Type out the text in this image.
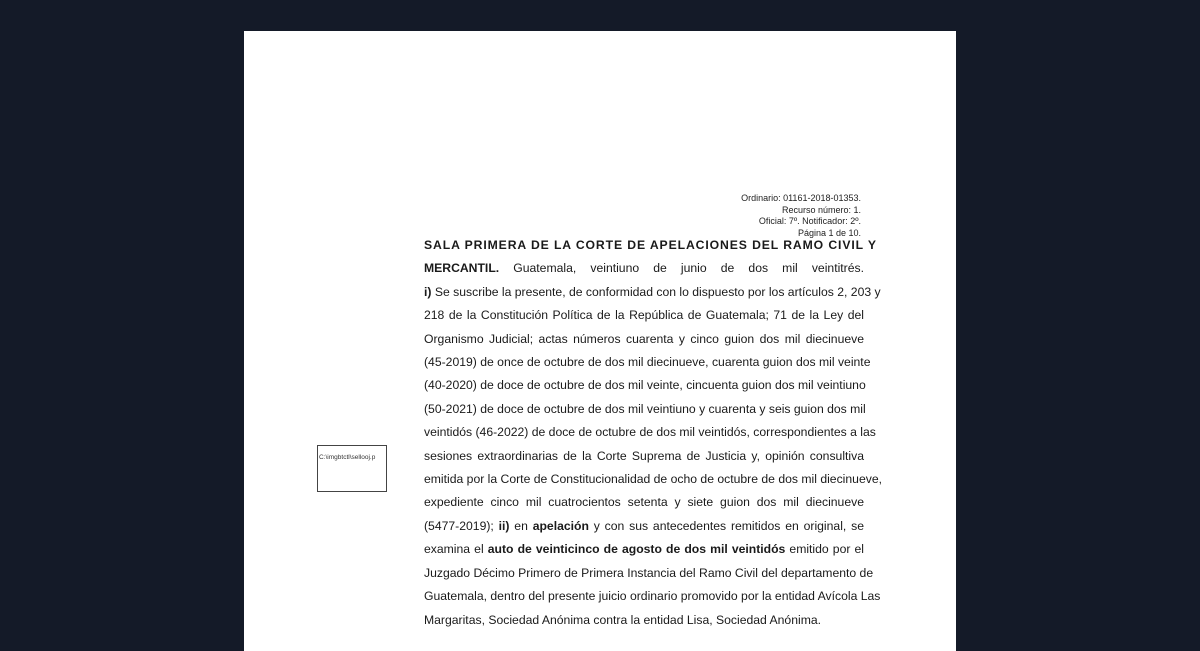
Ordinario: 01161-2018-01353.
Recurso número: 1.
Oficial: 7º. Notificador: 2º.
Página 1 de 10.
C:\imgbtctl\sellooj.p
SALA PRIMERA DE LA CORTE DE APELACIONES DEL RAMO CIVIL Y
MERCANTIL. Guatemala, veintiuno de junio de dos mil veintitrés.
i) Se suscribe la presente, de conformidad con lo dispuesto por los artículos 2, 203 y
218 de la Constitución Política de la República de Guatemala; 71 de la Ley del
Organismo Judicial; actas números cuarenta y cinco guion dos mil diecinueve
(45-2019) de once de octubre de dos mil diecinueve, cuarenta guion dos mil veinte
(40-2020) de doce de octubre de dos mil veinte, cincuenta guion dos mil veintiuno
(50-2021) de doce de octubre de dos mil veintiuno y cuarenta y seis guion dos mil
veintidós (46-2022) de doce de octubre de dos mil veintidós, correspondientes a las
sesiones extraordinarias de la Corte Suprema de Justicia y, opinión consultiva
emitida por la Corte de Constitucionalidad de ocho de octubre de dos mil diecinueve,
expediente cinco mil cuatrocientos setenta y siete guion dos mil diecinueve
(5477-2019); ii) en apelación y con sus antecedentes remitidos en original, se
examina el auto de veinticinco de agosto de dos mil veintidós emitido por el
Juzgado Décimo Primero de Primera Instancia del Ramo Civil del departamento de
Guatemala, dentro del presente juicio ordinario promovido por la entidad Avícola Las
Margaritas, Sociedad Anónima contra la entidad Lisa, Sociedad Anónima.
